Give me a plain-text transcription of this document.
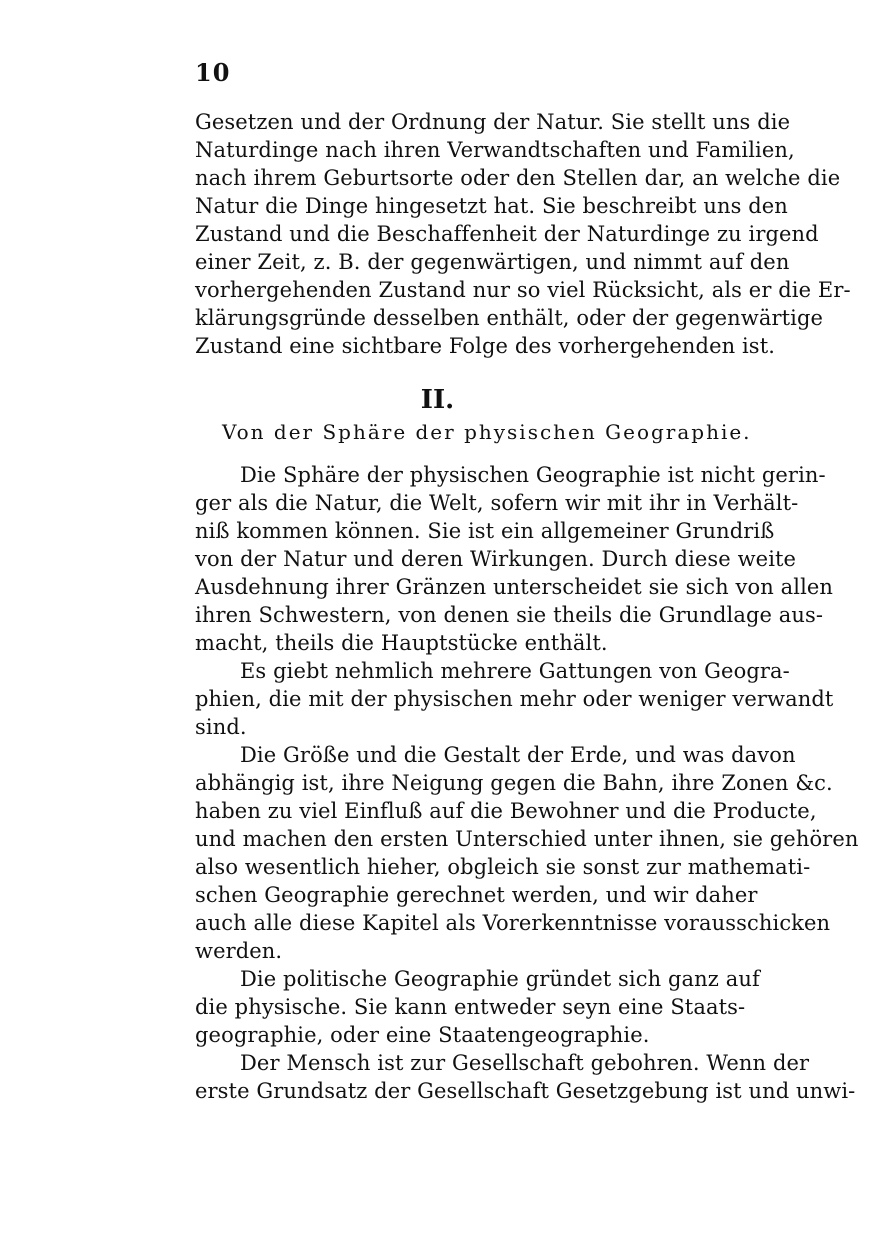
10
Gesetzen und der Ordnung der Natur. Sie stellt uns die
Naturdinge nach ihren Verwandtschaften und Familien,
nach ihrem Geburtsorte oder den Stellen dar, an welche die
Natur die Dinge hingesetzt hat. Sie beschreibt uns den
Zustand und die Beschaffenheit der Naturdinge zu irgend
einer Zeit, z. B. der gegenwärtigen, und nimmt auf den
vorhergehenden Zustand nur so viel Rücksicht, als er die Er-
klärungsgründe desselben enthält, oder der gegenwärtige
Zustand eine sichtbare Folge des vorhergehenden ist.
II.
Von der Sphäre der physischen Geographie.
Die Sphäre der physischen Geographie ist nicht gerin-
ger als die Natur, die Welt, sofern wir mit ihr in Verhält-
niß kommen können. Sie ist ein allgemeiner Grundriß
von der Natur und deren Wirkungen. Durch diese weite
Ausdehnung ihrer Gränzen unterscheidet sie sich von allen
ihren Schwestern, von denen sie theils die Grundlage aus-
macht, theils die Hauptstücke enthält.
Es giebt nehmlich mehrere Gattungen von Geogra-
phien, die mit der physischen mehr oder weniger verwandt
sind.
Die Größe und die Gestalt der Erde, und was davon
abhängig ist, ihre Neigung gegen die Bahn, ihre Zonen &c.
haben zu viel Einfluß auf die Bewohner und die Producte,
und machen den ersten Unterschied unter ihnen, sie gehören
also wesentlich hieher, obgleich sie sonst zur mathemati-
schen Geographie gerechnet werden, und wir daher
auch alle diese Kapitel als Vorerkenntnisse vorausschicken
werden.
Die politische Geographie gründet sich ganz auf
die physische. Sie kann entweder seyn eine Staats-
geographie, oder eine Staatengeographie.
Der Mensch ist zur Gesellschaft gebohren. Wenn der
erste Grundsatz der Gesellschaft Gesetzgebung ist und unwi-
